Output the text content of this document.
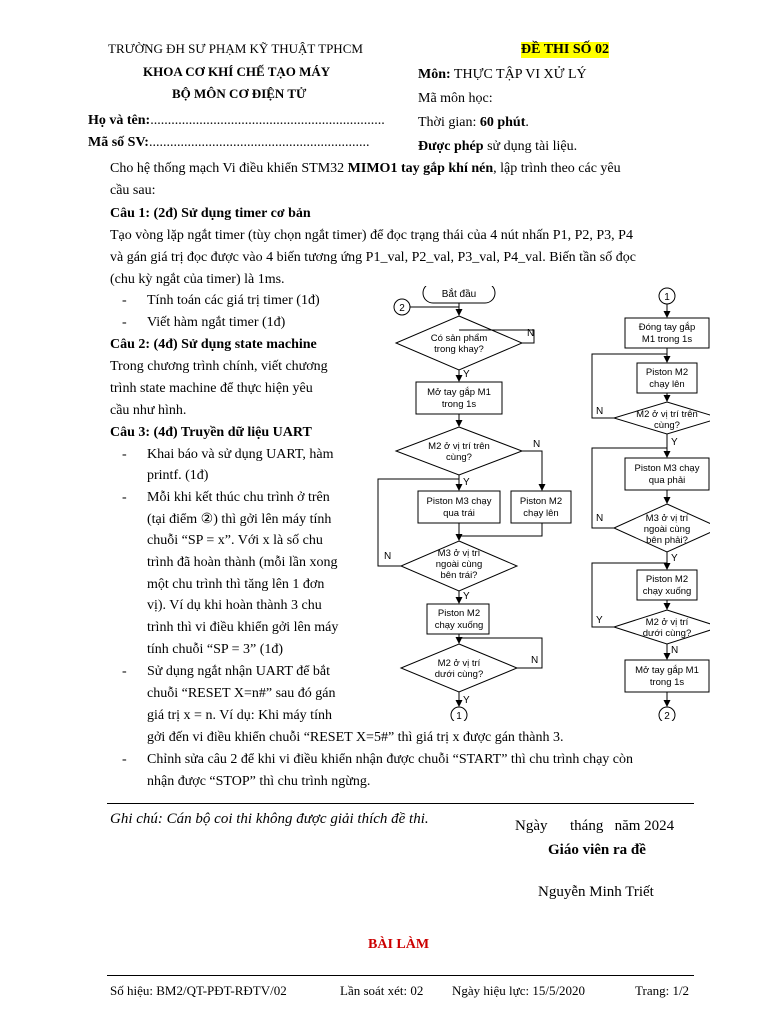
TRƯỜNG ĐH SƯ PHẠM KỸ THUẬT TPHCM
KHOA CƠ KHÍ CHẾ TẠO MÁY
BỘ MÔN CƠ ĐIỆN TỬ
ĐỀ THI SỐ 02
Môn: THỰC TẬP VI XỬ LÝ
Mã môn học:
Thời gian: 60 phút.
Được phép sử dụng tài liệu.
Họ và tên:...................................................................
Mã số SV:...............................................................
Cho hệ thống mạch Vi điều khiển STM32 MIMO1 tay gắp khí nén, lập trình theo các yêu
cầu sau:
Câu 1: (2đ) Sử dụng timer cơ bản
Tạo vòng lặp ngắt timer (tùy chọn ngắt timer) để đọc trạng thái của 4 nút nhấn P1, P2, P3, P4
và gán giá trị đọc được vào 4 biến tương ứng P1_val, P2_val, P3_val, P4_val. Biến tần số đọc
(chu kỳ ngắt của timer) là 1ms.
- Tính toán các giá trị timer (1đ)
- Viết hàm ngắt timer (1đ)
Câu 2: (4đ) Sử dụng state machine
Trong chương trình chính, viết chương
trình state machine để thực hiện yêu
cầu như hình.
Câu 3: (4đ) Truyền dữ liệu UART
- Khai báo và sử dụng UART, hàm
printf. (1đ)
- Mỗi khi kết thúc chu trình ở trên
(tại điểm ②) thì gởi lên máy tính
chuỗi “SP = x”. Với x là số chu
trình đã hoàn thành (mỗi lần xong
một chu trình thì tăng lên 1 đơn
vị). Ví dụ khi hoàn thành 3 chu
trình thì vi điều khiển gởi lên máy
tính chuỗi “SP = 3” (1đ)
- Sử dụng ngắt nhận UART để bắt
chuỗi “RESET X=n#” sau đó gán
giá trị x = n. Ví dụ: Khi máy tính
gởi đến vi điều khiển chuỗi “RESET X=5#” thì giá trị x được gán thành 3.
- Chỉnh sửa câu 2 để khi vi điều khiển nhận được chuỗi “START” thì chu trình chạy còn
nhận được “STOP” thì chu trình ngừng.
Bắt đầu
2
Có sản phẩm
trong khay?
N
Y
Mở tay gắp M1
trong 1s
M2 ở vị trí trên
cùng?
N
Y
Piston M3 chạy
qua trái
Piston M2
chạy lên
M3 ở vị trí
ngoài cùng
bên trái?
N
Y
Piston M2
chạy xuống
M2 ở vị trí
dưới cùng?
N
Y
1
1
Đóng tay gắp
M1 trong 1s
Piston M2
chạy lên
M2 ở vị trí trên
cùng?
N
Y
Piston M3 chạy
qua phải
M3 ở vị trí
ngoài cùng
bên phải?
N
Y
Piston M2
chạy xuống
M2 ở vị trí
dưới cùng?
Y
N
Mở tay gắp M1
trong 1s
2
Ghi chú: Cán bộ coi thi không được giải thích đề thi.	Ngày      tháng   năm 2024
Giáo viên ra đề
Nguyễn Minh Triết
BÀI LÀM
Số hiệu: BM2/QT-PĐT-RĐTV/02	Lần soát xét: 02 Ngày hiệu lực: 15/5/2020	Trang: 1/2
